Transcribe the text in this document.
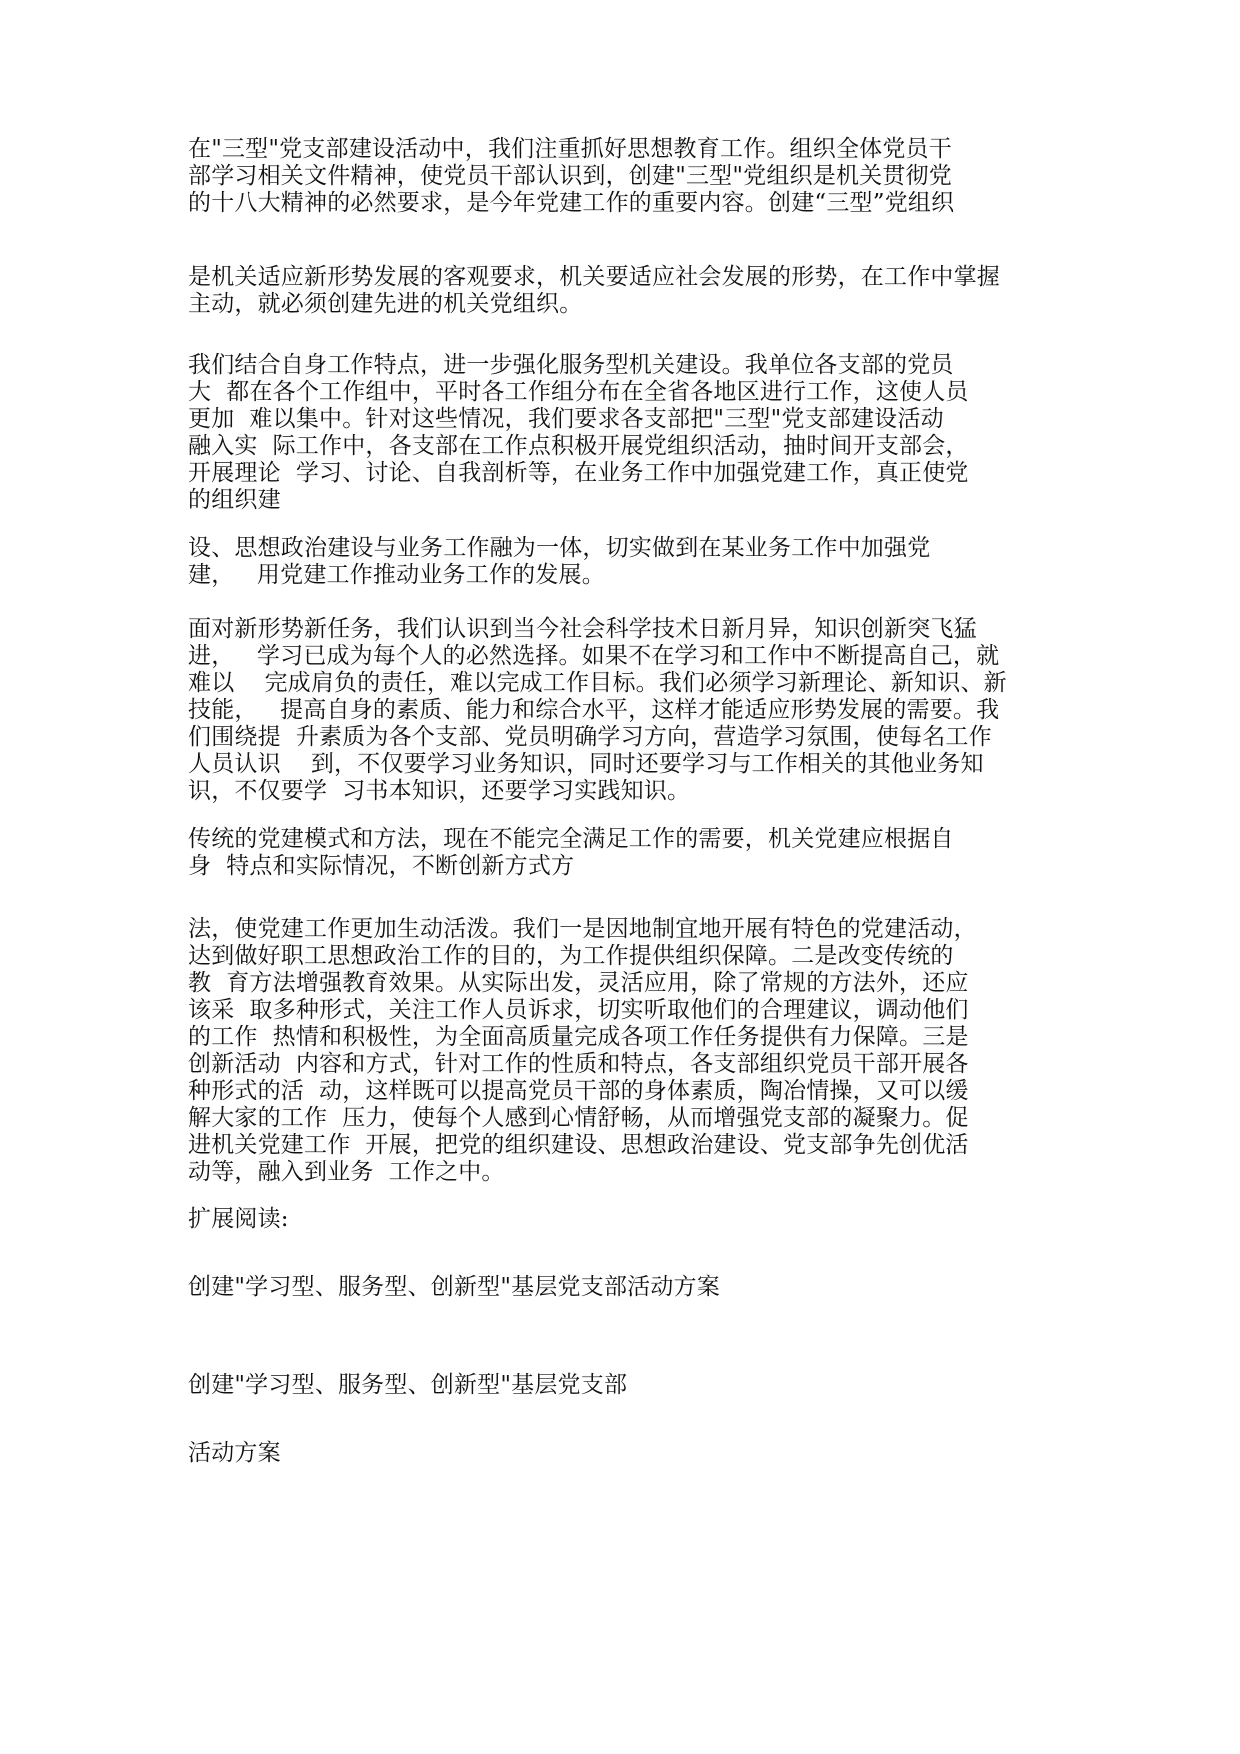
在"三型"党支部建设活动中，我们注重抓好思想教育工作。组织全体党员干
部学习相关文件精神，使党员干部认识到，创建"三型"党组织是机关贯彻党
的十八大精神的必然要求，是今年党建工作的重要内容。创建“三型”党组织
是机关适应新形势发展的客观要求，机关要适应社会发展的形势，在工作中掌握
主动，就必须创建先进的机关党组织。
我们结合自身工作特点，进一步强化服务型机关建设。我单位各支部的党员
大  都在各个工作组中，平时各工作组分布在全省各地区进行工作，这使人员
更加  难以集中。针对这些情况，我们要求各支部把"三型"党支部建设活动
融入实  际工作中，各支部在工作点积极开展党组织活动，抽时间开支部会，
开展理论  学习、讨论、自我剖析等，在业务工作中加强党建工作，真正使党
的组织建
设、思想政治建设与业务工作融为一体，切实做到在某业务工作中加强党
建，   用党建工作推动业务工作的发展。
面对新形势新任务，我们认识到当今社会科学技术日新月异，知识创新突飞猛
进，   学习已成为每个人的必然选择。如果不在学习和工作中不断提高自己，就
难以    完成肩负的责任，难以完成工作目标。我们必须学习新理论、新知识、新
技能，   提高自身的素质、能力和综合水平，这样才能适应形势发展的需要。我
们围绕提  升素质为各个支部、党员明确学习方向，营造学习氛围，使每名工作
人员认识    到，不仅要学习业务知识，同时还要学习与工作相关的其他业务知
识，不仅要学  习书本知识，还要学习实践知识。
传统的党建模式和方法，现在不能完全满足工作的需要，机关党建应根据自
身  特点和实际情况，不断创新方式方
法，使党建工作更加生动活泼。我们一是因地制宜地开展有特色的党建活动，
达到做好职工思想政治工作的目的，为工作提供组织保障。二是改变传统的
教  育方法增强教育效果。从实际出发，灵活应用，除了常规的方法外，还应
该采  取多种形式，关注工作人员诉求，切实听取他们的合理建议，调动他们
的工作  热情和积极性，为全面高质量完成各项工作任务提供有力保障。三是
创新活动  内容和方式，针对工作的性质和特点，各支部组织党员干部开展各
种形式的活  动，这样既可以提高党员干部的身体素质，陶冶情操，又可以缓
解大家的工作  压力，使每个人感到心情舒畅，从而增强党支部的凝聚力。促
进机关党建工作  开展，把党的组织建设、思想政治建设、党支部争先创优活
动等，融入到业务  工作之中。
扩展阅读:
创建"学习型、服务型、创新型"基层党支部活动方案
创建"学习型、服务型、创新型"基层党支部
活动方案
